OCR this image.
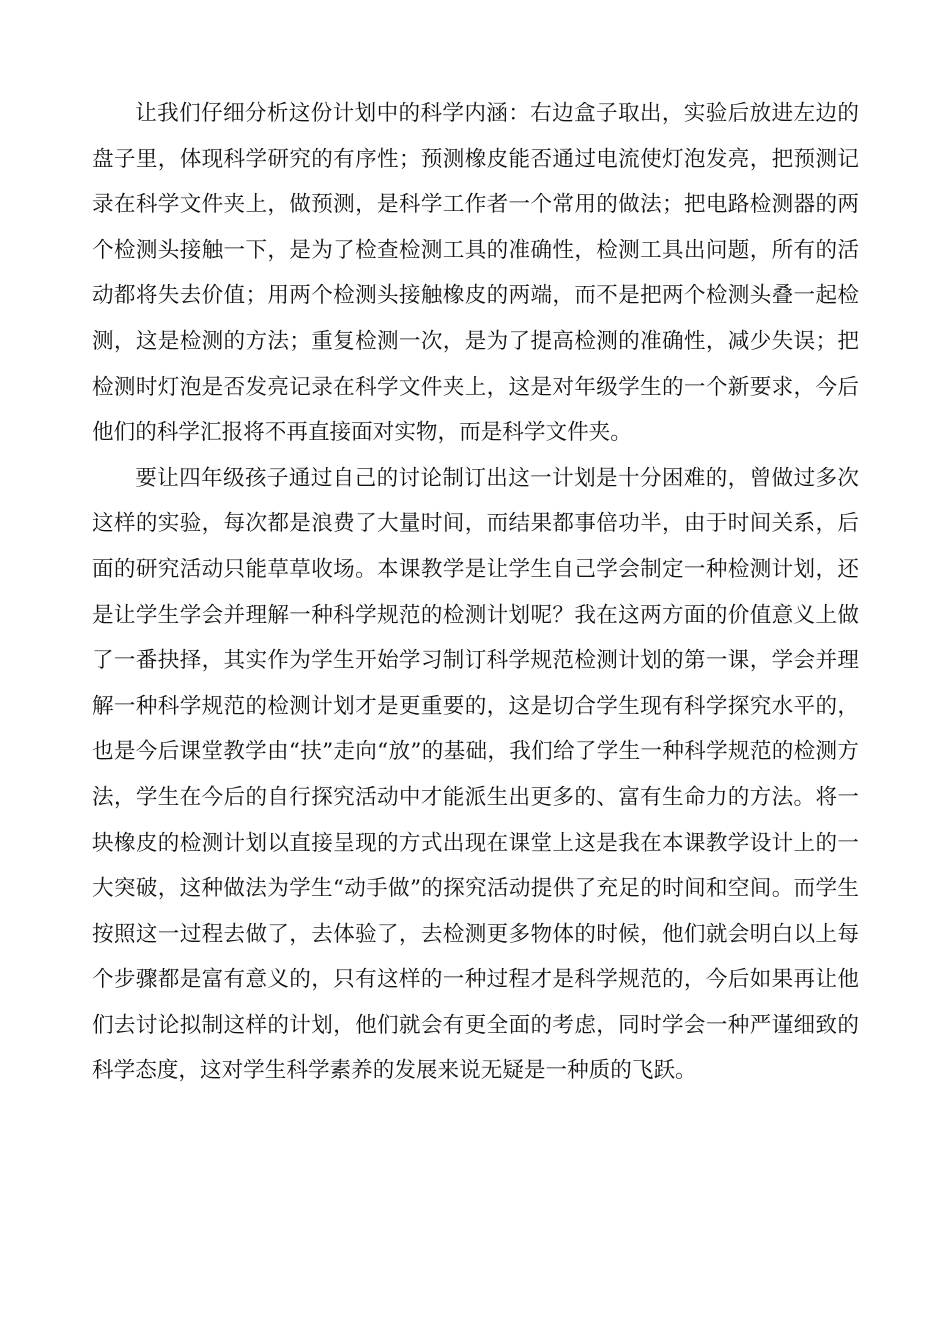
让我们仔细分析这份计划中的科学内涵：右边盒子取出，实验后放进左边的盘子里，体现科学研究的有序性；预测橡皮能否通过电流使灯泡发亮，把预测记录在科学文件夹上，做预测，是科学工作者一个常用的做法；把电路检测器的两个检测头接触一下，是为了检查检测工具的准确性，检测工具出问题，所有的活动都将失去价值；用两个检测头接触橡皮的两端，而不是把两个检测头叠一起检测，这是检测的方法；重复检测一次，是为了提高检测的准确性，减少失误；把检测时灯泡是否发亮记录在科学文件夹上，这是对年级学生的一个新要求，今后他们的科学汇报将不再直接面对实物，而是科学文件夹。

要让四年级孩子通过自己的讨论制订出这一计划是十分困难的，曾做过多次这样的实验，每次都是浪费了大量时间，而结果都事倍功半，由于时间关系，后面的研究活动只能草草收场。本课教学是让学生自己学会制定一种检测计划，还是让学生学会并理解一种科学规范的检测计划呢？我在这两方面的价值意义上做了一番抉择，其实作为学生开始学习制订科学规范检测计划的第一课，学会并理解一种科学规范的检测计划才是更重要的，这是切合学生现有科学探究水平的，也是今后课堂教学由“扶”走向“放”的基础，我们给了学生一种科学规范的检测方法，学生在今后的自行探究活动中才能派生出更多的、富有生命力的方法。将一块橡皮的检测计划以直接呈现的方式出现在课堂上这是我在本课教学设计上的一大突破，这种做法为学生“动手做”的探究活动提供了充足的时间和空间。而学生按照这一过程去做了，去体验了，去检测更多物体的时候，他们就会明白以上每个步骤都是富有意义的，只有这样的一种过程才是科学规范的，今后如果再让他们去讨论拟制这样的计划，他们就会有更全面的考虑，同时学会一种严谨细致的科学态度，这对学生科学素养的发展来说无疑是一种质的飞跃。
